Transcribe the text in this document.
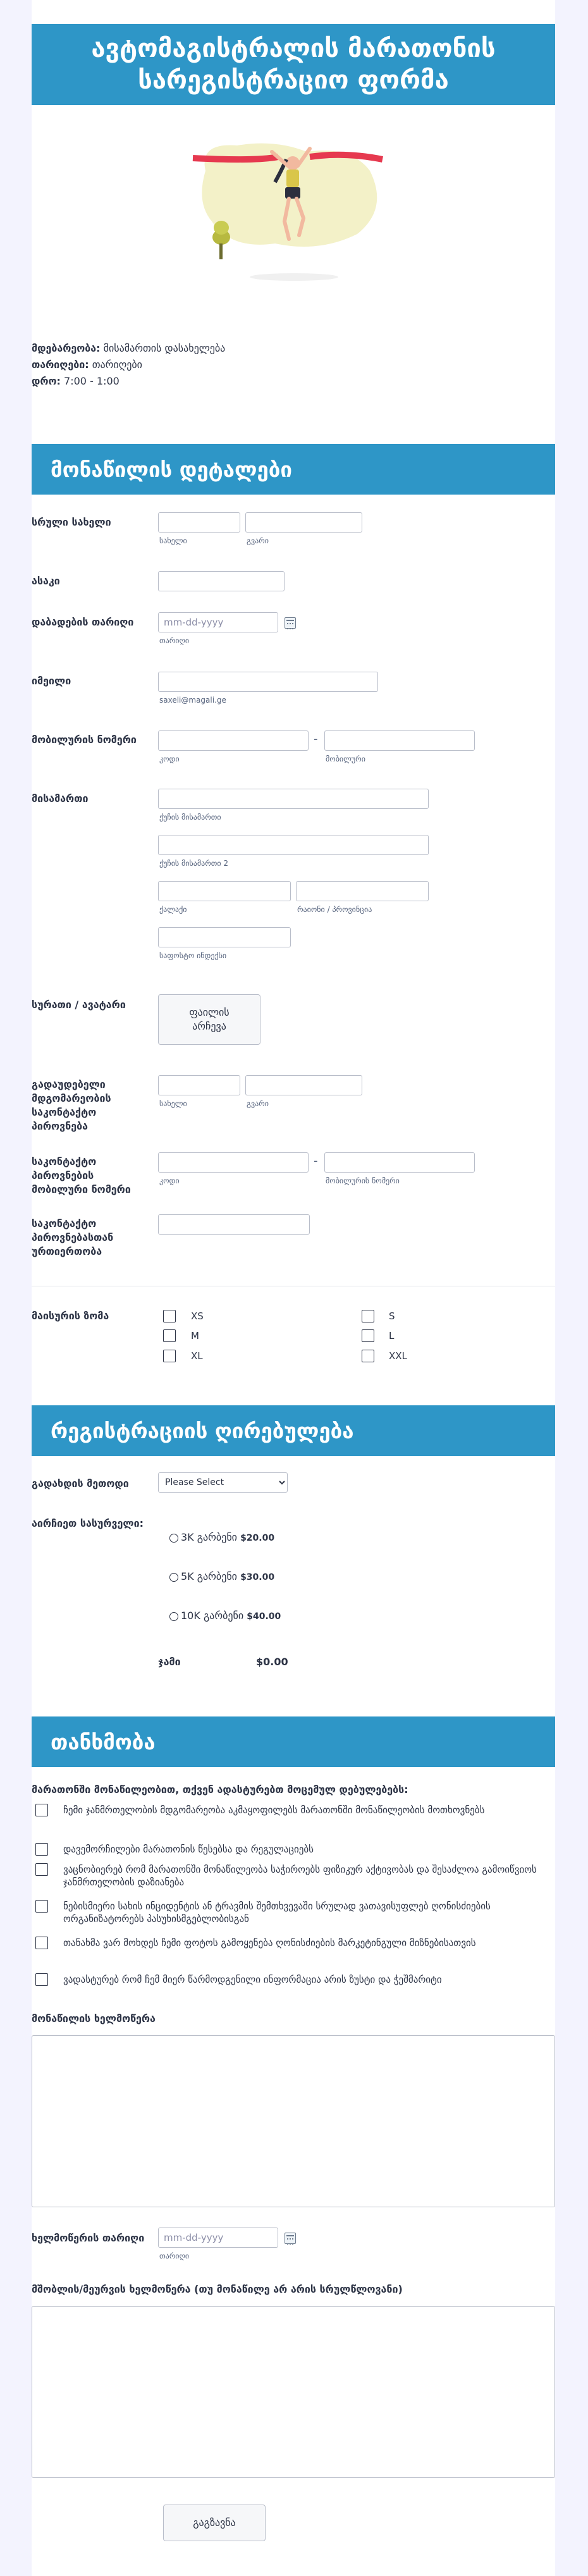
ავტომაგისტრალის მარათონის სარეგისტრაციო ფორმა
მდებარეობა: მისამართის დასახელება
თარიღები: თარიღები
დრო: 7:00 - 1:00
მონაწილის დეტალები
სრული სახელი
სახელი	გვარი
ასაკი
დაბადების თარიღი	mm-dd-yyyy
თარიღი
იმეილი
saxeli@magali.ge
მობილურის ნომერი	-
კოდი	მობილური
მისამართი
ქუჩის მისამართი
ქუჩის მისამართი 2
ქალაქი	რაიონი / პროვინცია
საფოსტო ინდექსი
სურათი / ავატარი
ფაილის არჩევა
გადაუდებელი მდგომარეობის საკონტაქტო პიროვნება
სახელი	გვარი
საკონტაქტო პიროვნების მობილური ნომერი
-
კოდი	მობილურის ნომერი
საკონტაქტო პიროვნებასთან ურთიერთობა
მაისურის ზომა	XS	S
M	L
XL	XXL
რეგისტრაციის ღირებულება
გადახდის მეთოდი
Please Select
აირჩიეთ სასურველი:
3K გარბენი $20.00
5K გარბენი $30.00
10K გარბენი $40.00
ჯამი	$0.00
თანხმობა
მარათონში მონაწილეობით, თქვენ ადასტურებთ მოცემულ დებულებებს:
ჩემი ჯანმრთელობის მდგომარეობა აკმაყოფილებს მარათონში მონაწილეობის მოთხოვნებს
დავემორჩილები მარათონის წესებსა და რეგულაციებს
ვაცნობიერებ რომ მარათონში მონაწილეობა საჭიროებს ფიზიკურ აქტივობას და შესაძლოა გამოიწვიოს ჯანმრთელობის დაზიანება
ნებისმიერი სახის ინციდენტის ან ტრავმის შემთხვევაში სრულად ვათავისუფლებ ღონისძიების ორგანიზატორებს პასუხისმგებლობისგან
თანახმა ვარ მოხდეს ჩემი ფოტოს გამოყენება ღონისძიების მარკეტინგული მიზნებისათვის
ვადასტურებ რომ ჩემ მიერ წარმოდგენილი ინფორმაცია არის ზუსტი და ჭეშმარიტი
მონაწილის ხელმოწერა
ხელმოწერის თარიღი	mm-dd-yyyy
თარიღი
მშობლის/მეურვის ხელმოწერა (თუ მონაწილე არ არის სრულწლოვანი)
გაგზავნა
